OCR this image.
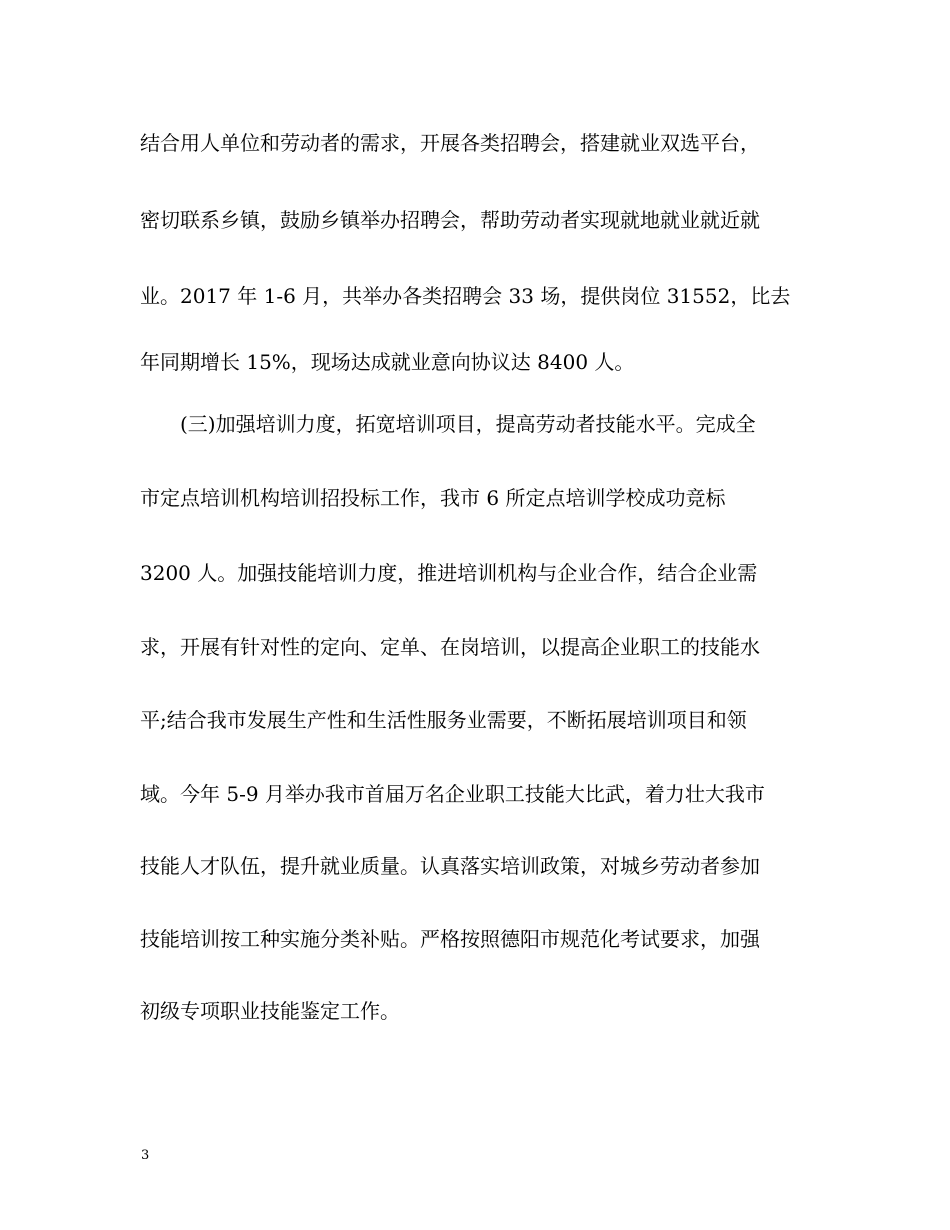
结合用人单位和劳动者的需求，开展各类招聘会，搭建就业双选平台，
密切联系乡镇，鼓励乡镇举办招聘会，帮助劳动者实现就地就业就近就
业。2017 年 1-6 月，共举办各类招聘会 33 场，提供岗位 31552，比去
年同期增长 15%，现场达成就业意向协议达 8400 人。
(三)加强培训力度，拓宽培训项目，提高劳动者技能水平。完成全
市定点培训机构培训招投标工作，我市 6 所定点培训学校成功竞标
3200 人。加强技能培训力度，推进培训机构与企业合作，结合企业需
求，开展有针对性的定向、定单、在岗培训，以提高企业职工的技能水
平;结合我市发展生产性和生活性服务业需要，不断拓展培训项目和领
域。今年 5-9 月举办我市首届万名企业职工技能大比武，着力壮大我市
技能人才队伍，提升就业质量。认真落实培训政策，对城乡劳动者参加
技能培训按工种实施分类补贴。严格按照德阳市规范化考试要求，加强
初级专项职业技能鉴定工作。
3
